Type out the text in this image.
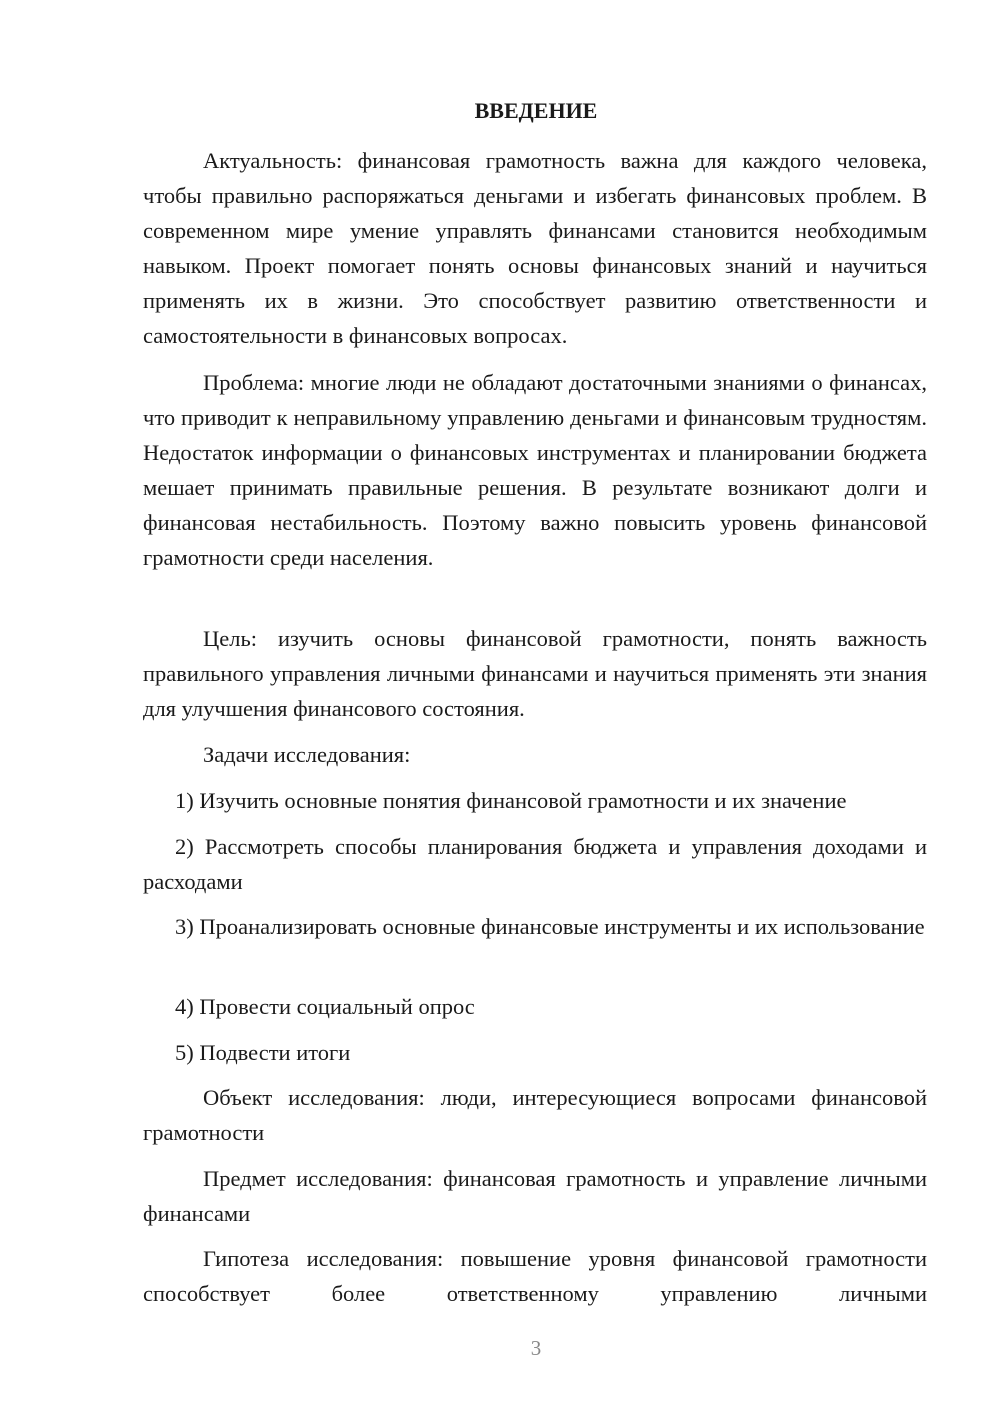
ВВЕДЕНИЕ

Актуальность: финансовая грамотность важна для каждого человека, чтобы правильно распоряжаться деньгами и избегать финансовых проблем. В современном мире умение управлять финансами становится необходимым навыком. Проект помогает понять основы финансовых знаний и научиться применять их в жизни. Это способствует развитию ответственности и самостоятельности в финансовых вопросах.

Проблема: многие люди не обладают достаточными знаниями о финансах, что приводит к неправильному управлению деньгами и финансовым трудностям. Недостаток информации о финансовых инструментах и планировании бюджета мешает принимать правильные решения. В результате возникают долги и финансовая нестабильность. Поэтому важно повысить уровень финансовой грамотности среди населения.

Цель: изучить основы финансовой грамотности, понять важность правильного управления личными финансами и научиться применять эти знания для улучшения финансового состояния.

Задачи исследования:

1) Изучить основные понятия финансовой грамотности и их значение

2) Рассмотреть способы планирования бюджета и управления доходами и расходами

3) Проанализировать основные финансовые инструменты и их использование

4) Провести социальный опрос

5) Подвести итоги

Объект исследования: люди, интересующиеся вопросами финансовой грамотности

Предмет исследования: финансовая грамотность и управление личными финансами

Гипотеза исследования: повышение уровня финансовой грамотности способствует более ответственному управлению личными

3
